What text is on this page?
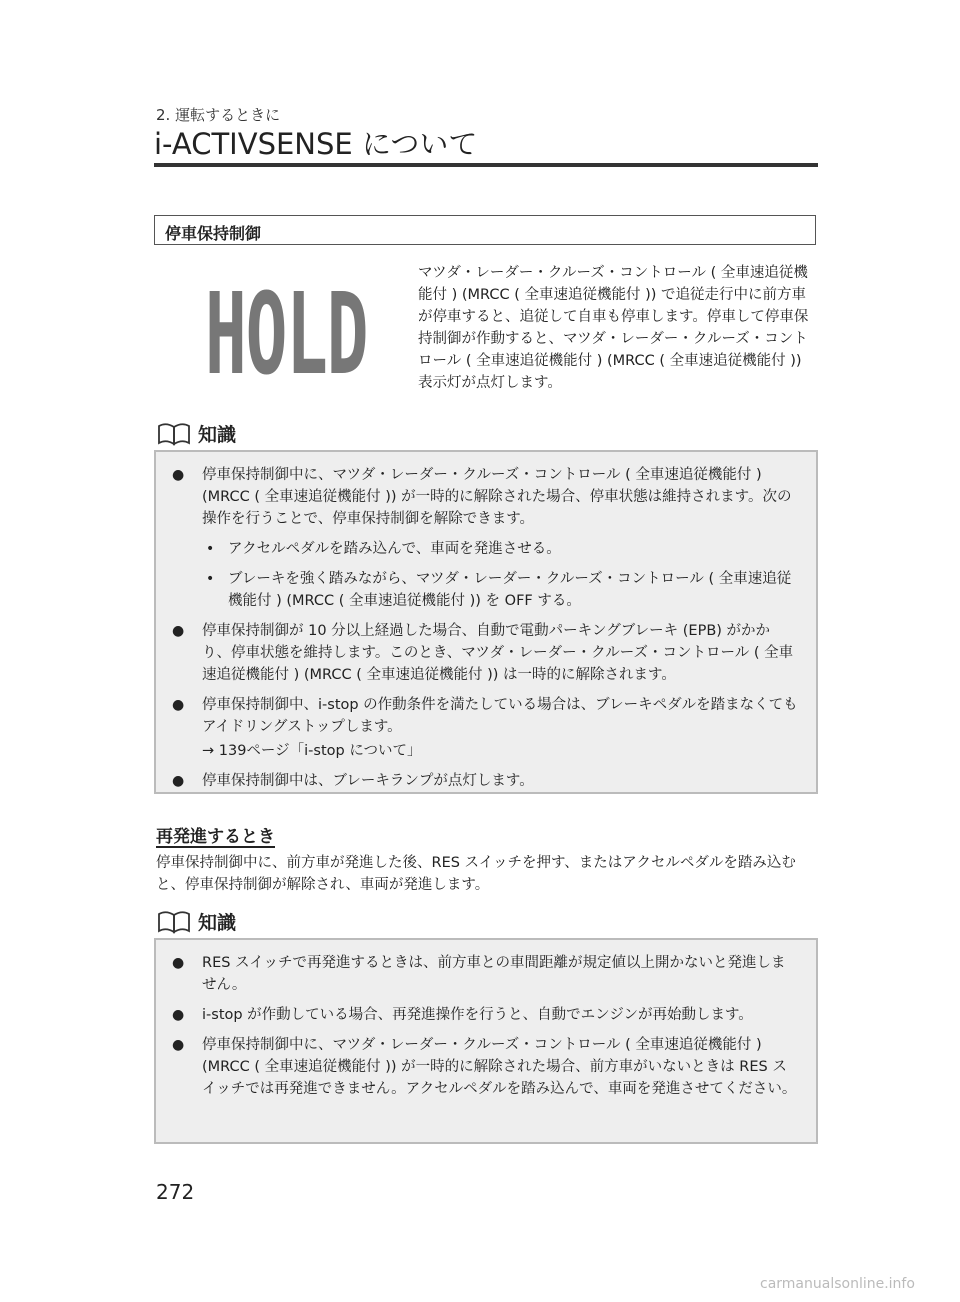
2. 運転するときに
i-ACTIVSENSE について
停車保持制御
HOLD	マツダ・レーダー・クルーズ・コントロール ( 全車速追従機能付 ) (MRCC ( 全車速追従機能付 )) で追従走行中に前方車が停車すると、追従して自車も停車します。停車して停車保持制御が作動すると、マツダ・レーダー・クルーズ・コントロール ( 全車速追従機能付 ) (MRCC ( 全車速追従機能付 )) 表示灯が点灯します。
知識
● 停車保持制御中に、マツダ・レーダー・クルーズ・コントロール ( 全車速追従機能付 ) (MRCC ( 全車速追従機能付 )) が一時的に解除された場合、停車状態は維持されます。次の操作を行うことで、停車保持制御を解除できます。
• アクセルペダルを踏み込んで、車両を発進させる。
• ブレーキを強く踏みながら、マツダ・レーダー・クルーズ・コントロール ( 全車速追従機能付 ) (MRCC ( 全車速追従機能付 )) を OFF する。
● 停車保持制御が 10 分以上経過した場合、自動で電動パーキングブレーキ (EPB) がかかり、停車状態を維持します。このとき、マツダ・レーダー・クルーズ・コントロール ( 全車速追従機能付 ) (MRCC ( 全車速追従機能付 )) は一時的に解除されます。
● 停車保持制御中、i-stop の作動条件を満たしている場合は、ブレーキペダルを踏まなくてもアイドリングストップします。
→ 139ページ「i-stop について」
● 停車保持制御中は、ブレーキランプが点灯します。
再発進するとき
停車保持制御中に、前方車が発進した後、RES スイッチを押す、またはアクセルペダルを踏み込むと、停車保持制御が解除され、車両が発進します。
知識
● RES スイッチで再発進するときは、前方車との車間距離が規定値以上開かないと発進しません。
● i-stop が作動している場合、再発進操作を行うと、自動でエンジンが再始動します。
● 停車保持制御中に、マツダ・レーダー・クルーズ・コントロール ( 全車速追従機能付 ) (MRCC ( 全車速追従機能付 )) が一時的に解除された場合、前方車がいないときは RES スイッチでは再発進できません。アクセルペダルを踏み込んで、車両を発進させてください。
272
carmanualsonline.info
